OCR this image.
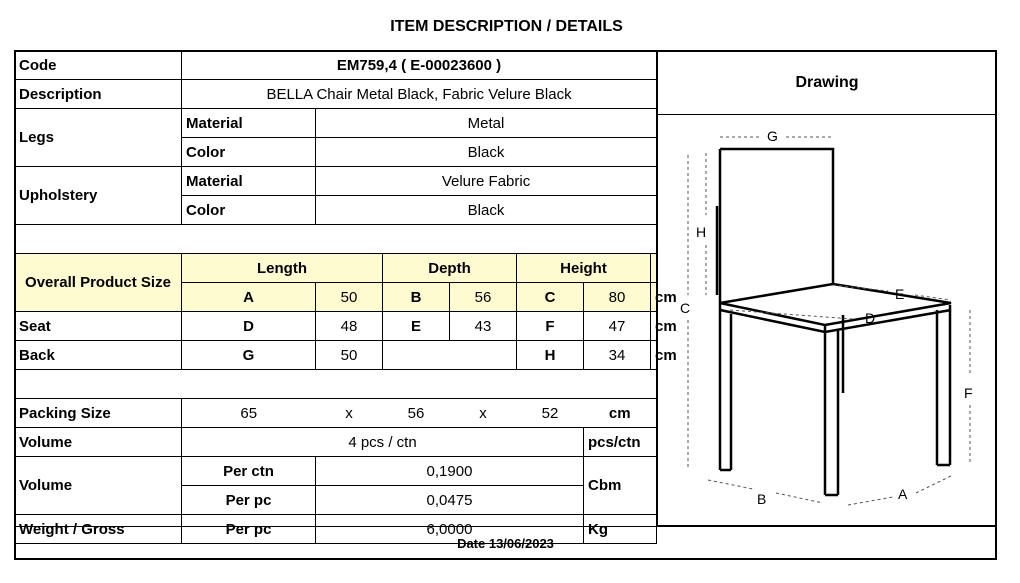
ITEM DESCRIPTION / DETAILS
Code	EM759,4 ( E-00023600 )						
Description	BELLA Chair Metal Black, Fabric Velure Black						
Legs	Material	Metal					
	Color	Black					
Upholstery	Material	Velure Fabric					
	Color	Black					

Overall Product Size	Length		Depth		Height		
	A	50	B	56	C	80	cm
Seat	D	48	E	43	F	47	cm
Back	G	50			H	34	cm

Packing Size	65	x	56	x	52	cm	
Volume	4 pcs / ctn					pcs/ctn	
Volume	Per ctn	0,1900				Cbm	
	Per pc	0,0475					
Weight / Gross	Per pc	6,0000				Kg	
Drawing
G
H
C
F
E
D
B	A
Date 13/06/2023
